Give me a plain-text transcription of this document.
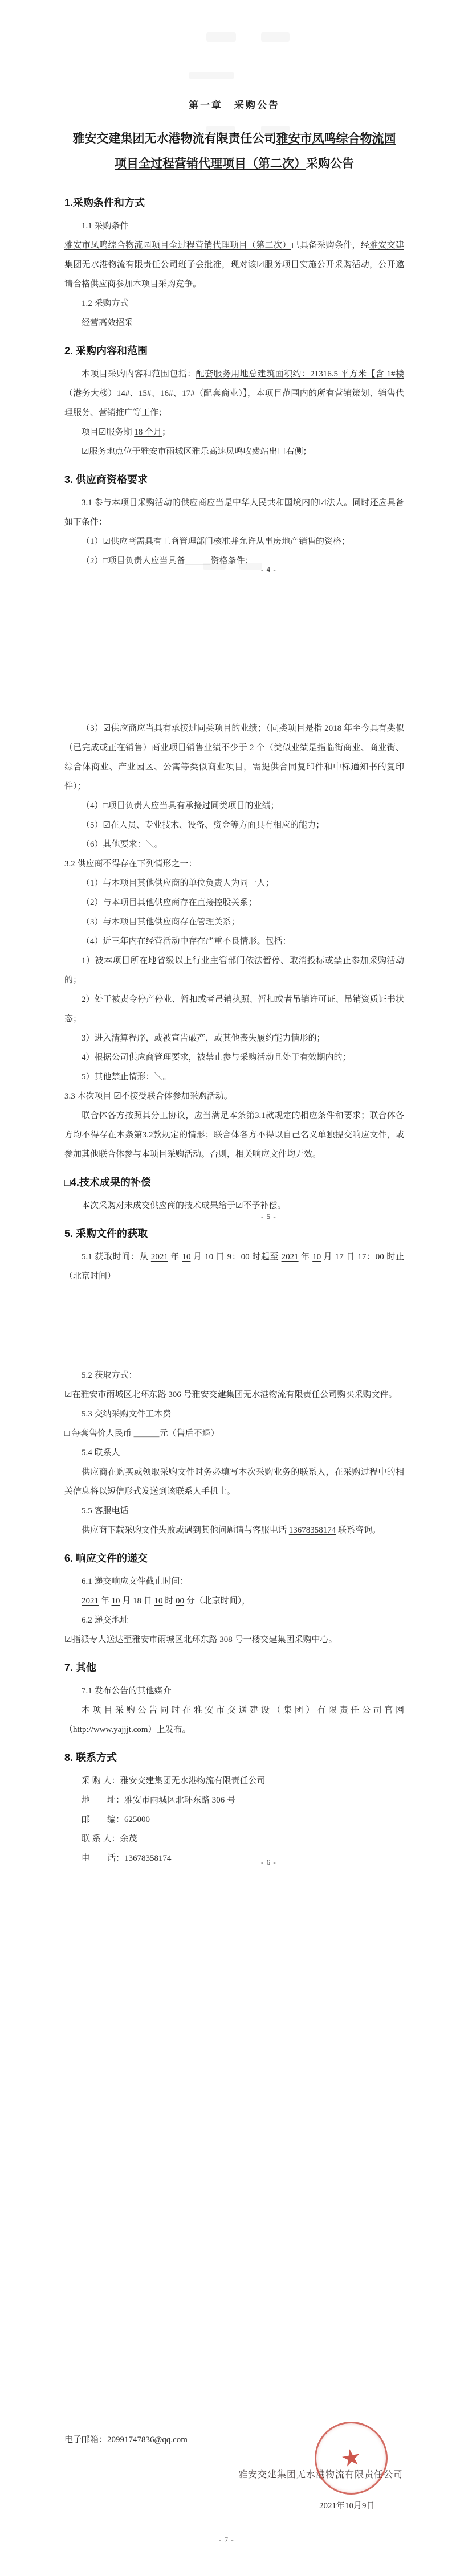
第一章　采购公告
雅安交建集团无水港物流有限责任公司雅安市凤鸣综合物流园
项目全过程营销代理项目（第二次）采购公告
1.采购条件和方式
1.1 采购条件
雅安市凤鸣综合物流园项目全过程营销代理项目（第二次）已具备采购条件，经雅安交建集团无水港物流有限责任公司班子会批准，现对该☑服务项目实施公开采购活动，公开邀请合格供应商参加本项目采购竞争。
1.2 采购方式
经营高效招采
2. 采购内容和范围
本项目采购内容和范围包括：配套服务用地总建筑面积约：21316.5 平方米【含 1#楼（港务大楼）14#、15#、16#、17#（配套商业）】，本项目范围内的所有营销策划、销售代理服务、营销推广等工作；
项目☑服务期 18 个月；
☑服务地点位于雅安市雨城区雅乐高速凤鸣收费站出口右侧；
3. 供应商资格要求
3.1 参与本项目采购活动的供应商应当是中华人民共和国境内的☑法人。同时还应具备如下条件：
（1）☑供应商需具有工商管理部门核准并允许从事房地产销售的资格；
（2）□项目负责人应当具备＿＿＿资格条件；
- 4 -
（3）☑供应商应当具有承接过同类项目的业绩；（同类项目是指 2018 年至今具有类似（已完成或正在销售）商业项目销售业绩不少于 2 个（类似业绩是指临街商业、商业街、综合体商业、产业园区、公寓等类似商业项目，需提供合同复印件和中标通知书的复印件）；
（4）□项目负责人应当具有承接过同类项目的业绩；
（5）☑在人员、专业技术、设备、资金等方面具有相应的能力；
（6）其他要求：＼。
3.2 供应商不得存在下列情形之一：
（1）与本项目其他供应商的单位负责人为同一人；
（2）与本项目其他供应商存在直接控股关系；
（3）与本项目其他供应商存在管理关系；
（4）近三年内在经营活动中存在严重不良情形。包括：
1）被本项目所在地省级以上行业主管部门依法暂停、取消投标或禁止参加采购活动的；
2）处于被责令停产停业、暂扣或者吊销执照、暂扣或者吊销许可证、吊销资质证书状态；
3）进入清算程序，或被宣告破产，或其他丧失履约能力情形的；
4）根据公司供应商管理要求，被禁止参与采购活动且处于有效期内的；
5）其他禁止情形：＼。
3.3 本次项目 ☑不接受联合体参加采购活动。
联合体各方按照其分工协议，应当满足本条第3.1款规定的相应条件和要求；联合体各方均不得存在本条第3.2款规定的情形；联合体各方不得以自己名义单独提交响应文件，或参加其他联合体参与本项目采购活动。否则，相关响应文件均无效。
□4.技术成果的补偿
本次采购对未成交供应商的技术成果给于☑不予补偿。
5. 采购文件的获取
5.1 获取时间：从 2021 年 10 月 10 日 9：00 时起至 2021 年 10 月 17 日 17：00 时止（北京时间）
- 5 -
5.2 获取方式：
☑在雅安市雨城区北环东路 306 号雅安交建集团无水港物流有限责任公司购买采购文件。
5.3 交纳采购文件工本费
□ 每套售价人民币 ＿＿＿元（售后不退）
5.4 联系人
供应商在购买或领取采购文件时务必填写本次采购业务的联系人，在采购过程中的相关信息将以短信形式发送到该联系人手机上。
5.5 客服电话
供应商下载采购文件失败或遇到其他问题请与客服电话 13678358174 联系咨询。
6. 响应文件的递交
6.1 递交响应文件截止时间：
2021 年 10 月 18 日 10 时 00 分（北京时间），
6.2 递交地址
☑指派专人送达至雅安市雨城区北环东路 308 号一楼交建集团采购中心。
7. 其他
7.1 发布公告的其他媒介
本项目采购公告同时在雅安市交通建设（集团）有限责任公司官网
（http://www.yajjjt.com）上发布。
8. 联系方式
采 购 人：雅安交建集团无水港物流有限责任公司
地　　址：雅安市雨城区北环东路 306 号
邮　　编：625000
联 系 人：余茂
电　　话：13678358174	- 6 -
电子邮箱：20991747836@qq.com
雅安交建集团无水港物流有限责任公司
★
2021年10月9日
- 7 -
